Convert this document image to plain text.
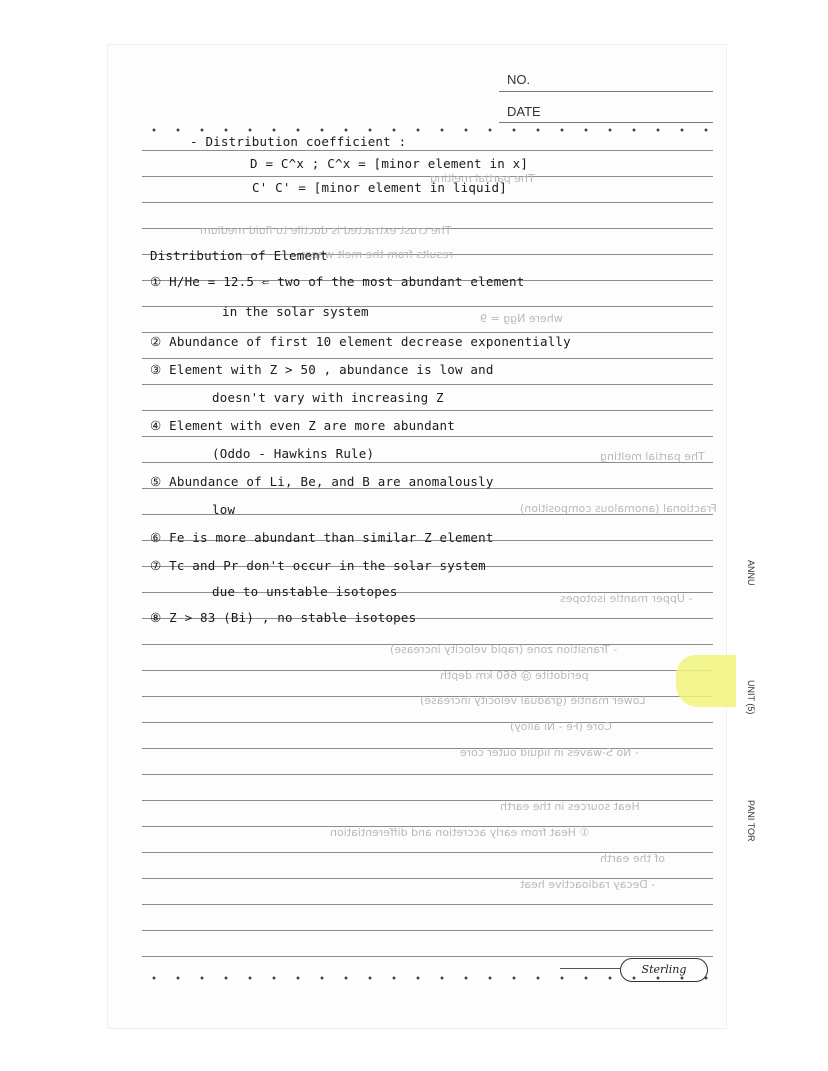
NO.
DATE
The partial melting
The crust extracted is ductile to fluid medium
results from the melt where
where Ngg = 9
The partial melting
Fractional (anomalous composition)
- Upper mantle isotopes
- Transition zone (rapid velocity increase)
peridotite @ 660 km depth
Lower mantle (gradual velocity increase)
Core (Fe - Ni alloy)
- No S-waves in liquid outer core
Heat sources in the earth
① Heat from early accretion and differentiation
of the earth
- Decay radioactive heat
- Distribution coefficient :
D = C^x ; C^x = [minor element in x]
C' C' = [minor element in liquid]
Distribution of Element
① H/He = 12.5 ⇐ two of the most abundant element
in the solar system
② Abundance of first 10 element decrease exponentially
③ Element with Z > 50 , abundance is low and
doesn't vary with increasing Z
④ Element with even Z are more abundant
(Oddo - Hawkins Rule)
⑤ Abundance of Li, Be, and B are anomalously
low
⑥ Fe is more abundant than similar Z element
⑦ Tc and Pr don't occur in the solar system
due to unstable isotopes
⑧ Z > 83 (Bi) , no stable isotopes
Sterling
ANNU
UNIT (5)
PANI TOR
